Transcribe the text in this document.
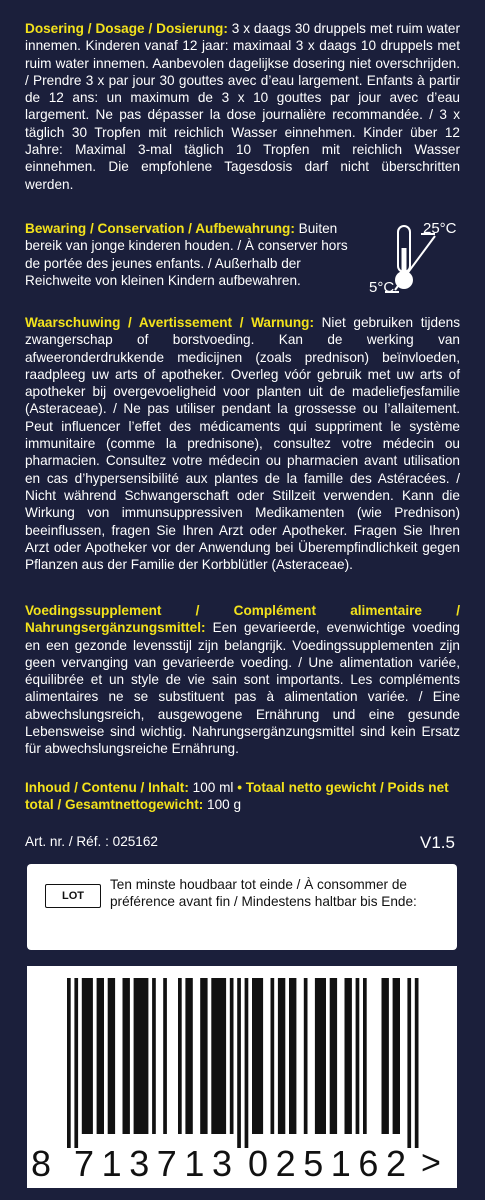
Dosering / Dosage / Dosierung: 3 x daags 30 druppels met ruim water innemen. Kinderen vanaf 12 jaar: maximaal 3 x daags 10 druppels met ruim water innemen. Aanbevolen dagelijkse dosering niet overschrijden. / Prendre 3 x par jour 30 gouttes avec d’eau largement. Enfants à partir de 12 ans: un maximum de 3 x 10 gouttes par jour avec d’eau largement. Ne pas dépasser la dose journalière recommandée. / 3 x täglich 30 Tropfen mit reichlich Wasser einnehmen. Kinder über 12 Jahre: Maximal 3-mal täglich 10 Tropfen mit reichlich Wasser einnehmen. Die empfohlene Tagesdosis darf nicht überschritten werden.
Bewaring / Conservation / Aufbewahrung: Buiten bereik van jonge kinderen houden. / À conserver hors de portée des jeunes enfants. / Außerhalb der Reichweite von kleinen Kindern aufbewahren.
25°C
5°C
Waarschuwing / Avertissement / Warnung: Niet gebruiken tijdens zwangerschap of borstvoeding. Kan de werking van afweeronderdrukkende medicijnen (zoals prednison) beïnvloeden, raadpleeg uw arts of apotheker. Overleg vóór gebruik met uw arts of apotheker bij overgevoeligheid voor planten uit de madeliefjesfamilie (Asteraceae). / Ne pas utiliser pendant la grossesse ou l’allaitement. Peut influencer l’effet des médicaments qui suppriment le système immunitaire (comme la prednisone), consultez votre médecin ou pharmacien. Consultez votre médecin ou pharmacien avant utilisation en cas d’hypersensibilité aux plantes de la famille des Astéracées. / Nicht während Schwangerschaft oder Stillzeit verwenden. Kann die Wirkung von immunsuppressiven Medikamenten (wie Prednison) beeinflussen, fragen Sie Ihren Arzt oder Apotheker. Fragen Sie Ihren Arzt oder Apotheker vor der Anwendung bei Überempfindlichkeit gegen Pflanzen aus der Familie der Korbblütler (Asteraceae).
Voedingssupplement / Complément alimentaire / Nahrungsergänzungsmittel: Een gevarieerde, evenwichtige voeding en een gezonde levensstijl zijn belangrijk. Voedingssupplementen zijn geen vervanging van gevarieerde voeding. / Une alimentation variée, équilibrée et un style de vie sain sont importants. Les compléments alimentaires ne se substituent pas à alimentation variée. / Eine abwechslungsreich, ausgewogene Ernährung und eine gesunde Lebensweise sind wichtig. Nahrungsergänzungsmittel sind kein Ersatz für abwechslungsreiche Ernährung.
Inhoud / Contenu / Inhalt: 100 ml • Totaal netto gewicht / Poids net total / Gesamtnettogewicht: 100 g
Art. nr. / Réf. : 025162	V1.5
LOT
Ten minste houdbaar tot einde / À consommer de préférence avant fin / Mindestens haltbar bis Ende:
8 713713 025162 >
